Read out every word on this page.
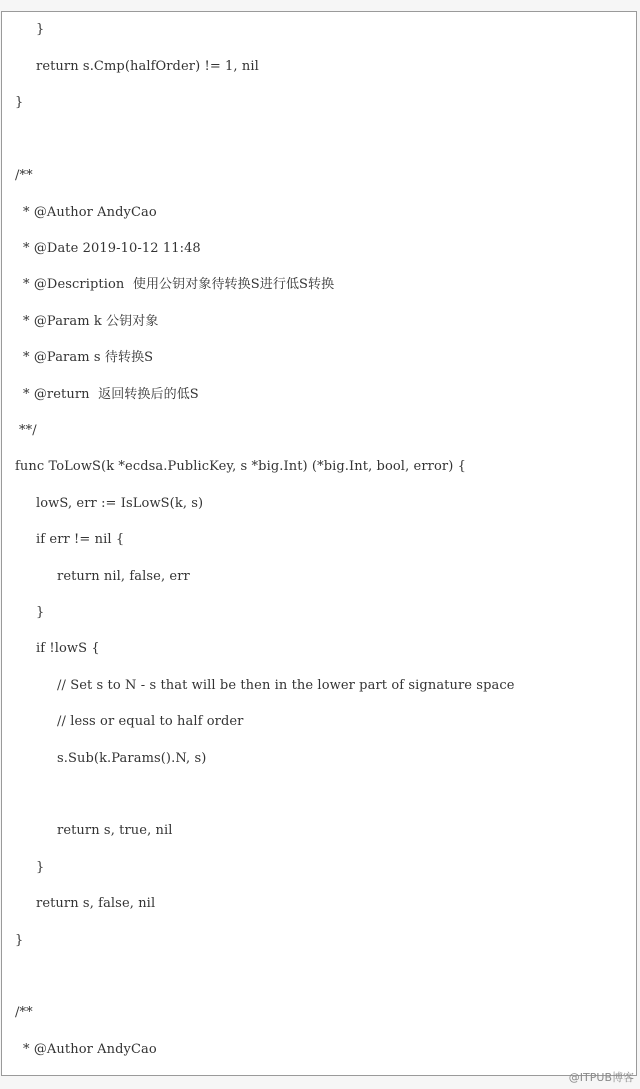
}
return s.Cmp(halfOrder) != 1, nil
}
/**
* @Author AndyCao
* @Date 2019-10-12 11:48
* @Description  使用公钥对象待转换S进行低S转换
* @Param k 公钥对象
* @Param s 待转换S
* @return  返回转换后的低S
**/
func ToLowS(k *ecdsa.PublicKey, s *big.Int) (*big.Int, bool, error) {
lowS, err := IsLowS(k, s)
if err != nil {
return nil, false, err
}
if !lowS {
// Set s to N - s that will be then in the lower part of signature space
// less or equal to half order
s.Sub(k.Params().N, s)
return s, true, nil
}
return s, false, nil
}
/**
* @Author AndyCao
@ITPUB博客
